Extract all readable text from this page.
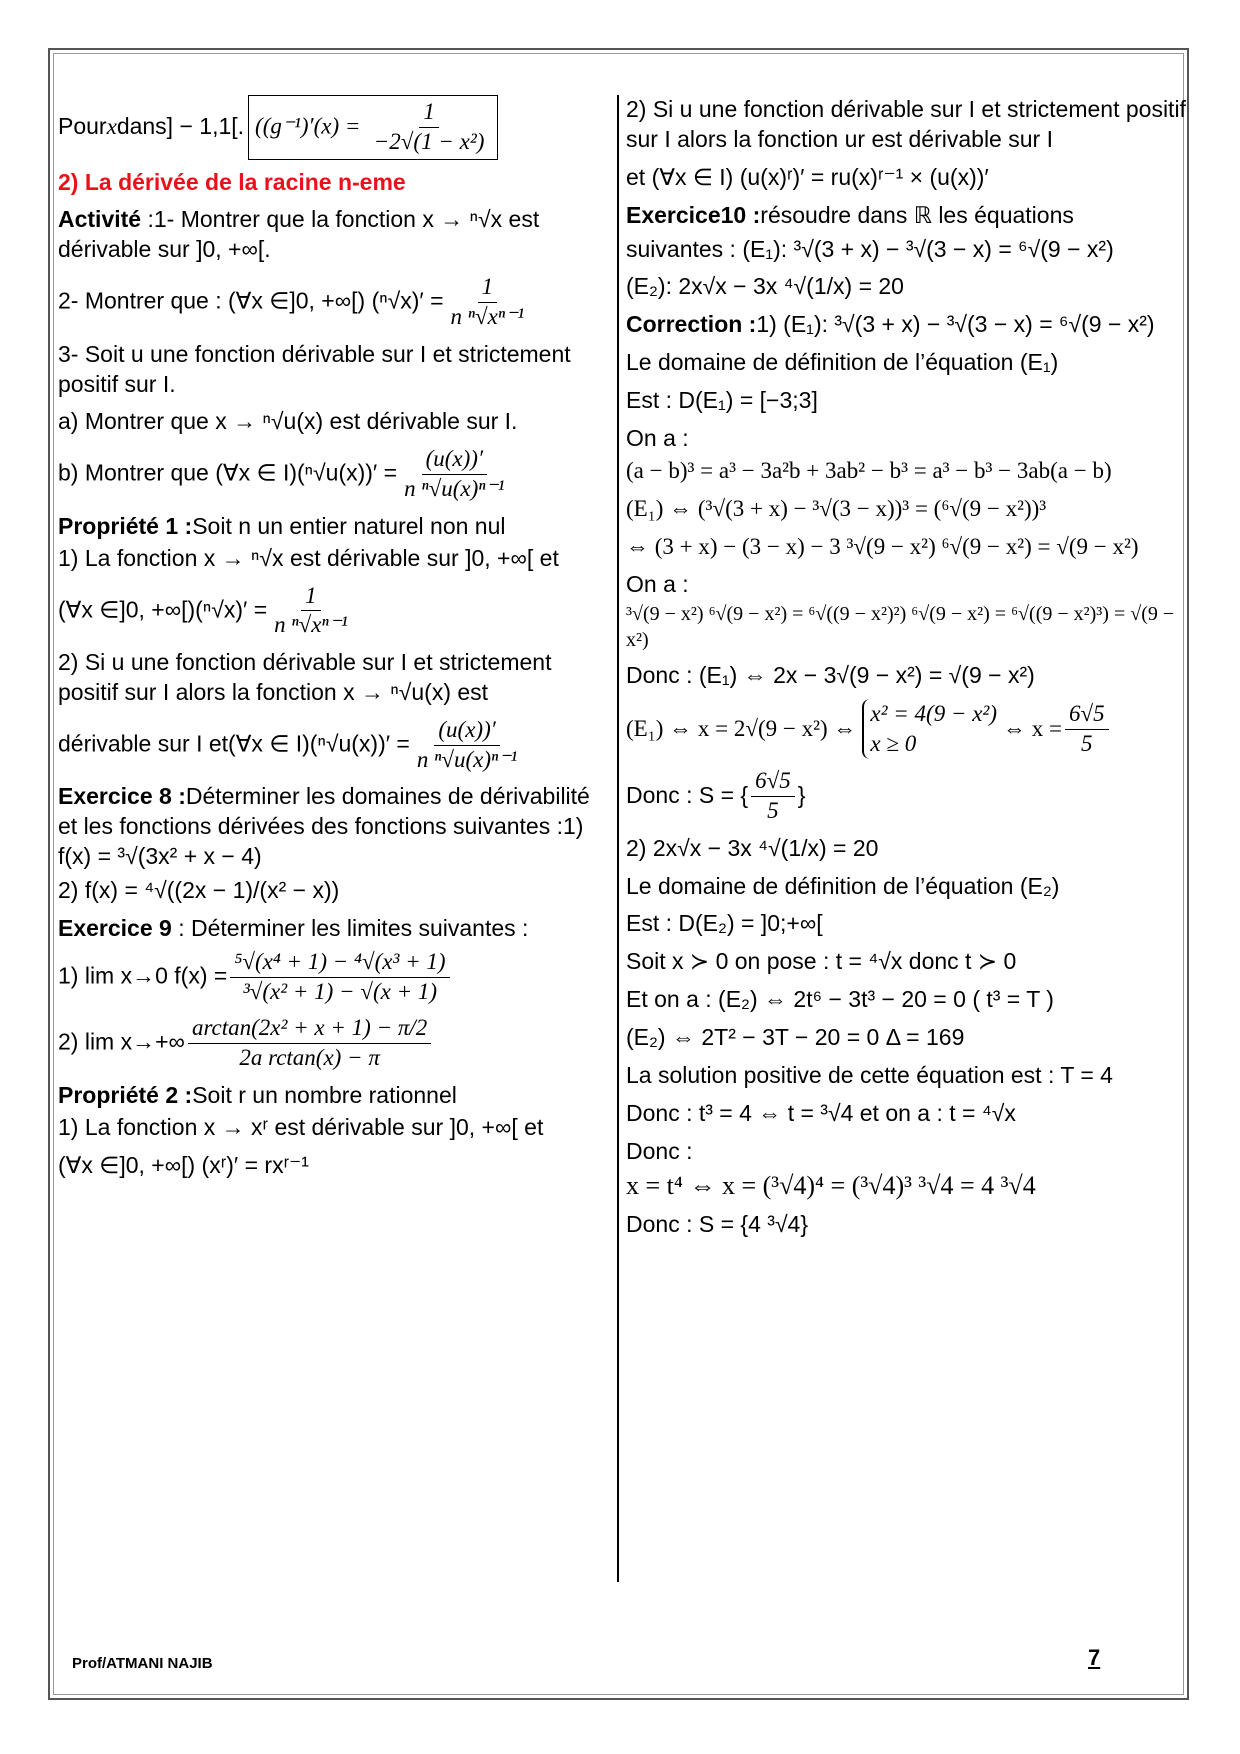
Pour x dans] − 1,1[. ($(g^{-1})'(x) = \frac{1}{\text{−2√(1 − x²)}}$

2) La dérivée de la racine n-eme

Activité :1- Montrer que la fonction x → ⁿ√x est dérivable sur ]0, +∞[.

2- Montrer que : (∀x ∈]0, +∞[) $(^n√x)' = \frac{1}{\text{n ⁿ√xⁿ⁻¹}}$

3- Soit u une fonction dérivable sur I et strictement positif sur I.

a) Montrer que x → ⁿ√u(x) est dérivable sur I.

b) Montrer que (∀x ∈ $I)(^n√u(x))' = \frac{(u(x))'}{\text{n ⁿ√u(x)ⁿ⁻¹}}$

Propriété 1 :Soit n un entier naturel non nul

1) La fonction x → ⁿ√x est dérivable sur ]0, +∞[ et

(∀x ∈]0, $+\infty[)(^n√x)' = \frac{1}{\text{n ⁿ√xⁿ⁻¹}}$

2) Si u une fonction dérivable sur I et strictement positif sur I alors la fonction x → ⁿ√u(x) est

dérivable sur I et(∀x ∈ $I)(^n√u(x))' = \frac{(u(x))'}{\text{n ⁿ√u(x)ⁿ⁻¹}}$

Exercice 8 :Déterminer les domaines de dérivabilité et les fonctions dérivées des fonctions suivantes :1) f(x) = ³√(3x² + x − 4)

2) f(x) = ⁴√((2x − 1)/(x² − x))

Exercice 9 : Déterminer les limites suivantes :

1) lim x→0 $f(x) = \frac{\text{⁵√(x⁴ + 1) − ⁴√(x³ + 1)}}{\text{³√(x² + 1) − √(x + 1)}}$

2) $\lim x\to+\infty \frac{\text{arctan(2x² + x + 1) − π/2}}{\text{2a rctan(x) − π}}$

Propriété 2 :Soit r un nombre rationnel

1) La fonction x → xʳ est dérivable sur ]0, +∞[ et

(∀x ∈]0, +∞[) (xʳ)′ = rxʳ⁻¹

2) Si u une fonction dérivable sur I et strictement positif sur I alors la fonction ur est dérivable sur I

et (∀x ∈ I) (u(x)ʳ)′ = ru(x)ʳ⁻¹ × (u(x))′

Exercice10 :résoudre dans ℝ les équations

suivantes : (E₁): ³√(3 + x) − ³√(3 − x) = ⁶√(9 − x²)

(E₂): 2x√x − 3x ⁴√(1/x) = 20

Correction :1) (E₁): ³√(3 + x) − ³√(3 − x) = ⁶√(9 − x²)

Le domaine de définition de l’équation (E₁)

Est : D(E₁) = [−3;3]

On a :

(a − b)³ = a³ − 3a²b + 3ab² − b³ = a³ − b³ − 3ab(a − b)

(E₁) ⇔ (³√(3 + x) − ³√(3 − x))³ = (⁶√(9 − x²))³

⇔ (3 + x) − (3 − x) − 3 ³√(9 − x²) ⁶√(9 − x²) = √(9 − x²)

On a :

³√(9 − x²) ⁶√(9 − x²) = ⁶√((9 − x²)²) ⁶√(9 − x²) = ⁶√((9 − x²)³) = √(9 − x²)

Donc : (E₁) ⇔ 2x − 3√(9 − x²) = √(9 − x²)

(E₁) ⇔ x = 2√(9 − x²) ⇔
x² = 4(9 − x²)
x ≥ 0
⇔ $x = \frac{6√5}{5}$

Donc : S = { $\frac{6√5}{5}$ }

2) 2x√x − 3x ⁴√(1/x) = 20

Le domaine de définition de l’équation (E₂)

Est : D(E₂) = ]0;+∞[

Soit x ≻ 0 on pose : t = ⁴√x donc t ≻ 0

Et on a : (E₂) ⇔ 2t⁶ − 3t³ − 20 = 0 ( t³ = T )

(E₂) ⇔ 2T² − 3T − 20 = 0 Δ = 169

La solution positive de cette équation est : T = 4

Donc : t³ = 4 ⇔ t = ³√4 et on a : t = ⁴√x

Donc :

x = t⁴ ⇔ x = (³√4)⁴ = (³√4)³ ³√4 = 4 ³√4

Donc : S = {4 ³√4}

Prof/ATMANI NAJIB	7
